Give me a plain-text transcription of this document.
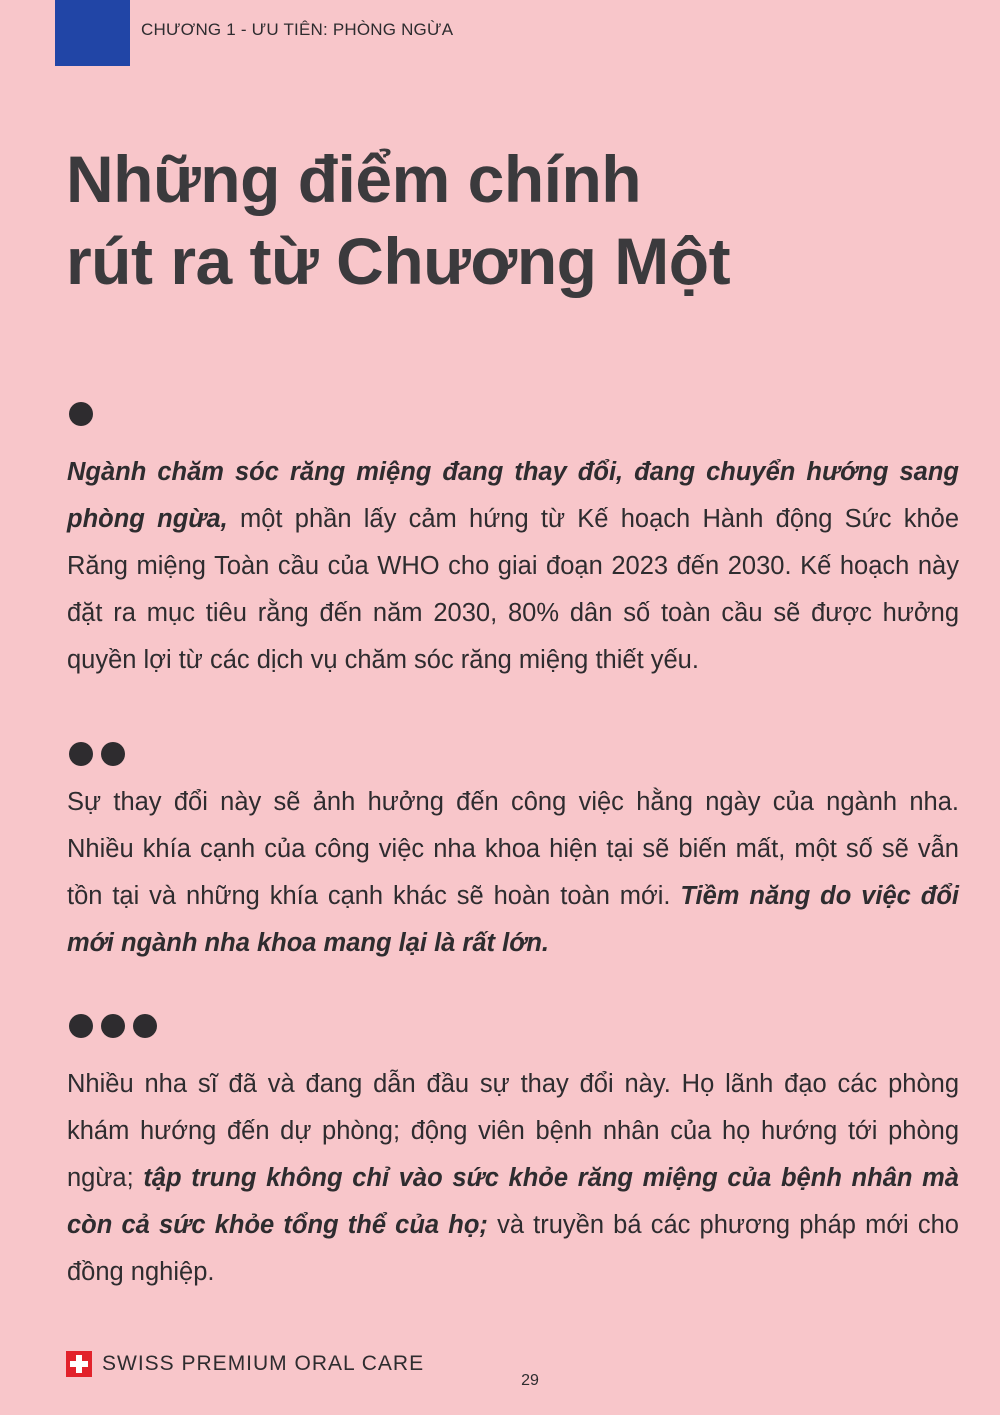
CHƯƠNG 1 - ƯU TIÊN: PHÒNG NGỪA
Những điểm chính
rút ra từ Chương Một

Ngành chăm sóc răng miệng đang thay đổi, đang chuyển hướng sang phòng ngừa, một phần lấy cảm hứng từ Kế hoạch Hành động Sức khỏe Răng miệng Toàn cầu của WHO cho giai đoạn 2023 đến 2030. Kế hoạch này đặt ra mục tiêu rằng đến năm 2030, 80% dân số toàn cầu sẽ được hưởng quyền lợi từ các dịch vụ chăm sóc răng miệng thiết yếu.

Sự thay đổi này sẽ ảnh hưởng đến công việc hằng ngày của ngành nha. Nhiều khía cạnh của công việc nha khoa hiện tại sẽ biến mất, một số sẽ vẫn tồn tại và những khía cạnh khác sẽ hoàn toàn mới. Tiềm năng do việc đổi mới ngành nha khoa mang lại là rất lớn.

Nhiều nha sĩ đã và đang dẫn đầu sự thay đổi này. Họ lãnh đạo các phòng khám hướng đến dự phòng; động viên bệnh nhân của họ hướng tới phòng ngừa; tập trung không chỉ vào sức khỏe răng miệng của bệnh nhân mà còn cả sức khỏe tổng thể của họ; và truyền bá các phương pháp mới cho đồng nghiệp.

SWISS PREMIUM ORAL CARE
29
